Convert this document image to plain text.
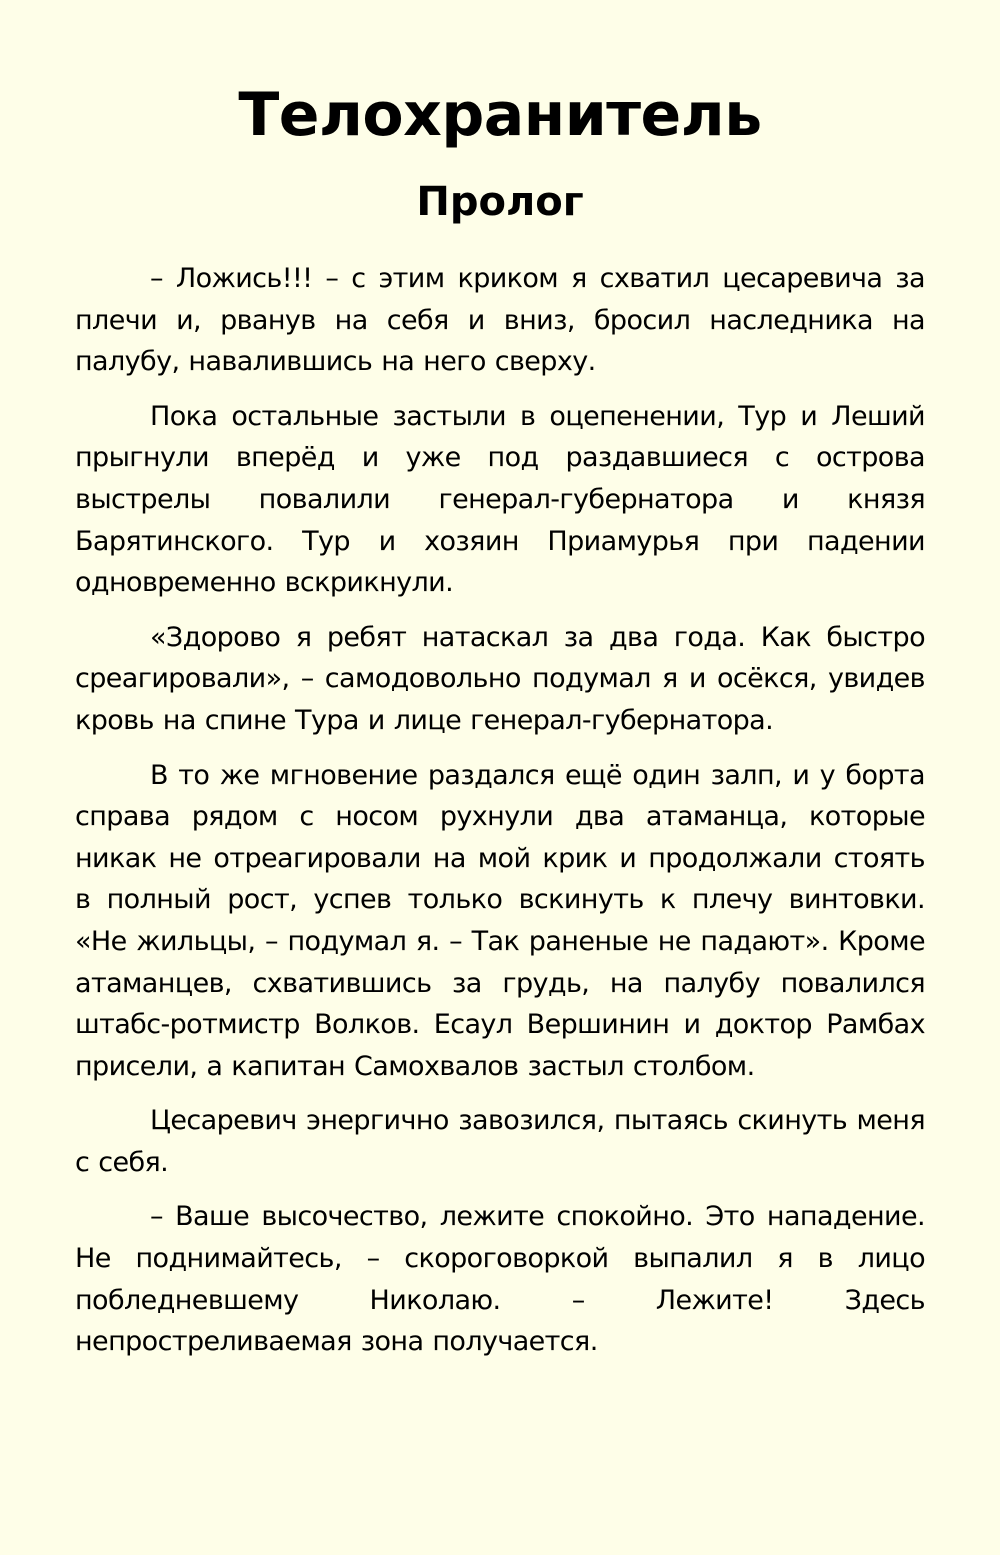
Телохранитель
Пролог

– Ложись!!! – с этим криком я схватил цесаревича за плечи и, рванув на себя и вниз, бросил наследника на палубу, навалившись на него сверху.

Пока остальные застыли в оцепенении, Тур и Леший прыгнули вперёд и уже под раздавшиеся с острова выстрелы повалили генерал-губернатора и князя Барятинского. Тур и хозяин Приамурья при падении одновременно вскрикнули.

«Здорово я ребят натаскал за два года. Как быстро среагировали», – самодовольно подумал я и осёкся, увидев кровь на спине Тура и лице генерал-губернатора.

В то же мгновение раздался ещё один залп, и у борта справа рядом с носом рухнули два атаманца, которые никак не отреагировали на мой крик и продолжали стоять в полный рост, успев только вскинуть к плечу винтовки. «Не жильцы, – подумал я. – Так раненые не падают». Кроме атаманцев, схватившись за грудь, на палубу повалился штабс-ротмистр Волков. Есаул Вершинин и доктор Рамбах присели, а капитан Самохвалов застыл столбом.

Цесаревич энергично завозился, пытаясь скинуть меня с себя.

– Ваше высочество, лежите спокойно. Это нападение. Не поднимайтесь, – скороговоркой выпалил я в лицо побледневшему Николаю. – Лежите! Здесь непростреливаемая зона получается.
